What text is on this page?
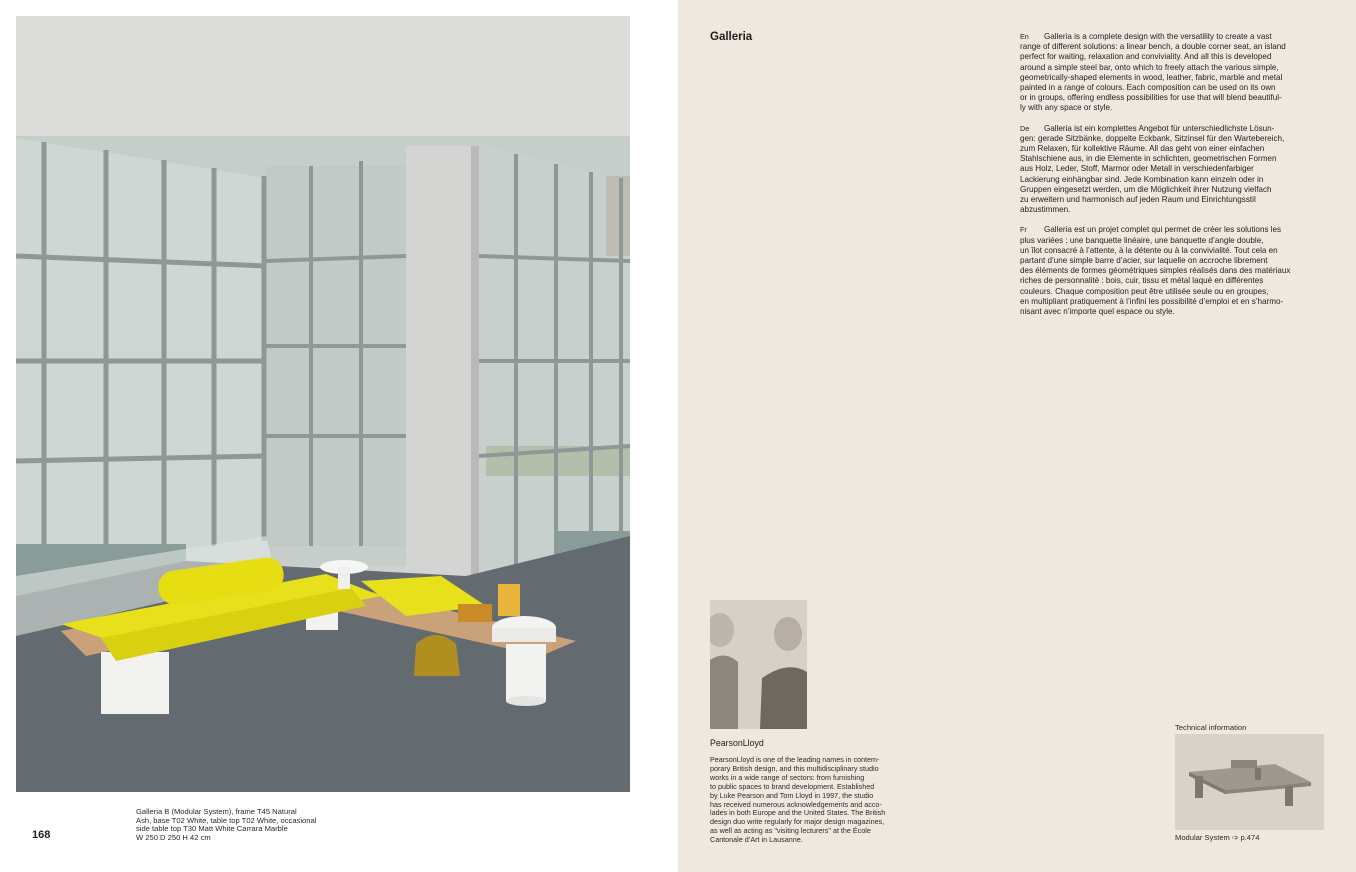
Galleria B (Modular System), frame T45 Natural
Ash, base T02 White, table top T02 White, occasional
side table top T30 Matt White Carrara Marble
W 250 D 250 H 42 cm
168
Galleria	En Galleria is a complete design with the versatility to create a vast
range of different solutions: a linear bench, a double corner seat, an island
perfect for waiting, relaxation and conviviality. And all this is developed
around a simple steel bar, onto which to freely attach the various simple,
geometrically-shaped elements in wood, leather, fabric, marble and metal
painted in a range of colours. Each composition can be used on its own
or in groups, offering endless possibilities for use that will blend beautiful-
ly with any space or style.
De Galleria ist ein komplettes Angebot für unterschiedlichste Lösun-
gen: gerade Sitzbänke, doppelte Eckbank, Sitzinsel für den Wartebereich,
zum Relaxen, für kollektive Räume. All das geht von einer einfachen
Stahlschiene aus, in die Elemente in schlichten, geometrischen Formen
aus Holz, Leder, Stoff, Marmor oder Metall in verschiedenfarbiger
Lackierung einhängbar sind. Jede Kombination kann einzeln oder in
Gruppen eingesetzt werden, um die Möglichkeit ihrer Nutzung vielfach
zu erweitern und harmonisch auf jeden Raum und Einrichtungsstil
abzustimmen.
Fr Galleria est un projet complet qui permet de créer les solutions les
plus variées : une banquette linéaire, une banquette d’angle double,
un îlot consacré à l’attente, à la détente ou à la convivialité. Tout cela en
partant d’une simple barre d’acier, sur laquelle on accroche librement
des éléments de formes géométriques simples réalisés dans des matériaux
riches de personnalité : bois, cuir, tissu et métal laqué en différentes
couleurs. Chaque composition peut être utilisée seule ou en groupes,
en multipliant pratiquement à l’infini les possibilité d’emploi et en s’harmo-
nisant avec n’importe quel espace ou style.
PearsonLloyd
PearsonLloyd is one of the leading names in contem-
porary British design, and this multidisciplinary studio
works in a wide range of sectors: from furnishing
to public spaces to brand development. Established
by Luke Pearson and Tom Lloyd in 1997, the studio
has received numerous acknowledgements and acco-
lades in both Europe and the United States. The British
design duo write regularly for major design magazines,
as well as acting as "visiting lecturers" at the École
Cantonale d’Art in Lausanne.
Technical information
Modular System ➩ p.474
